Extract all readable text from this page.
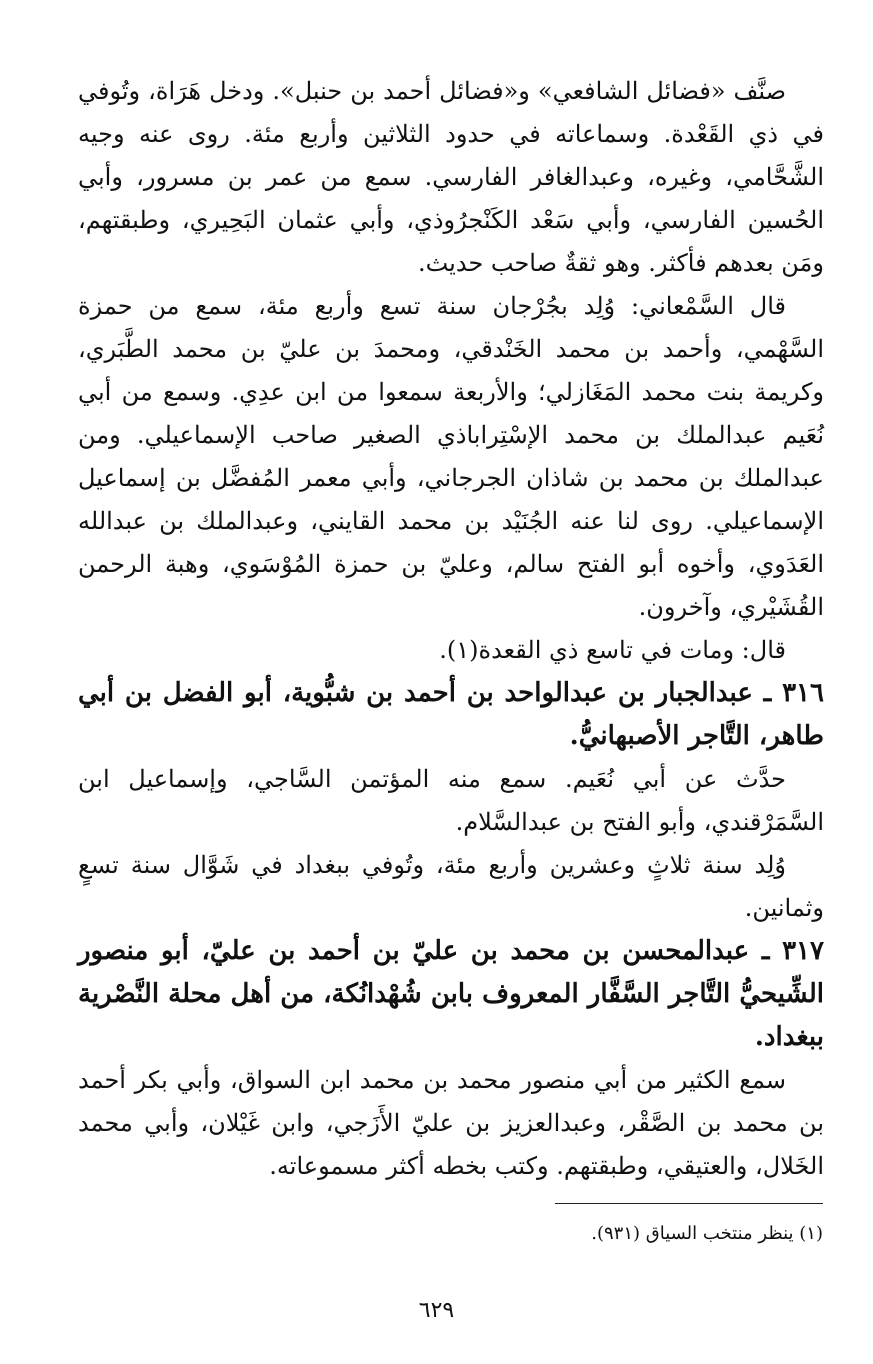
صنَّف «فضائل الشافعي» و«فضائل أحمد بن حنبل». ودخل هَرَاة، وتُوفي في ذي القَعْدة. وسماعاته في حدود الثلاثين وأربع مئة. روى عنه وجيه الشَّحَّامي، وغيره، وعبدالغافر الفارسي. سمع من عمر بن مسرور، وأبي الحُسين الفارسي، وأبي سَعْد الكَنْجرُوذي، وأبي عثمان البَحِيري، وطبقتهم، ومَن بعدهم فأكثر. وهو ثقةٌ صاحب حديث.

قال السَّمْعاني: وُلِد بجُرْجان سنة تسع وأربع مئة، سمع من حمزة السَّهْمي، وأحمد بن محمد الخَنْدقي، ومحمدَ بن عليّ بن محمد الطَّبَري، وكريمة بنت محمد المَغَازلي؛ والأربعة سمعوا من ابن عدِي. وسمع من أبي نُعَيم عبدالملك بن محمد الإسْتِراباذي الصغير صاحب الإسماعيلي. ومن عبدالملك بن محمد بن شاذان الجرجاني، وأبي معمر المُفضَّل بن إسماعيل الإسماعيلي. روى لنا عنه الجُنَيْد بن محمد القايني، وعبدالملك بن عبدالله العَدَوي، وأخوه أبو الفتح سالم، وعليّ بن حمزة المُوْسَوي، وهبة الرحمن القُشَيْري، وآخرون.

قال: ومات في تاسع ذي القعدة(١).

٣١٦ ـ عبدالجبار بن عبدالواحد بن أحمد بن شبُّوية، أبو الفضل بن أبي طاهر، التَّاجر الأصبهانيُّ.

حدَّث عن أبي نُعَيم. سمع منه المؤتمن السَّاجي، وإسماعيل ابن السَّمَرْقندي، وأبو الفتح بن عبدالسَّلام.

وُلِد سنة ثلاثٍ وعشرين وأربع مئة، وتُوفي ببغداد في شَوَّال سنة تسعٍ وثمانين.

٣١٧ ـ عبدالمحسن بن محمد بن عليّ بن أحمد بن عليّ، أبو منصور الشِّيحيُّ التَّاجر السَّفَّار المعروف بابن شُهْدانُكة، من أهل محلة النَّصْرية ببغداد.

سمع الكثير من أبي منصور محمد بن محمد ابن السواق، وأبي بكر أحمد بن محمد بن الصَّقْر، وعبدالعزيز بن عليّ الأَزَجي، وابن غَيْلان، وأبي محمد الخَلال، والعتيقي، وطبقتهم. وكتب بخطه أكثر مسموعاته.

(١) ينظر منتخب السياق (٩٣١).
٦٢٩
